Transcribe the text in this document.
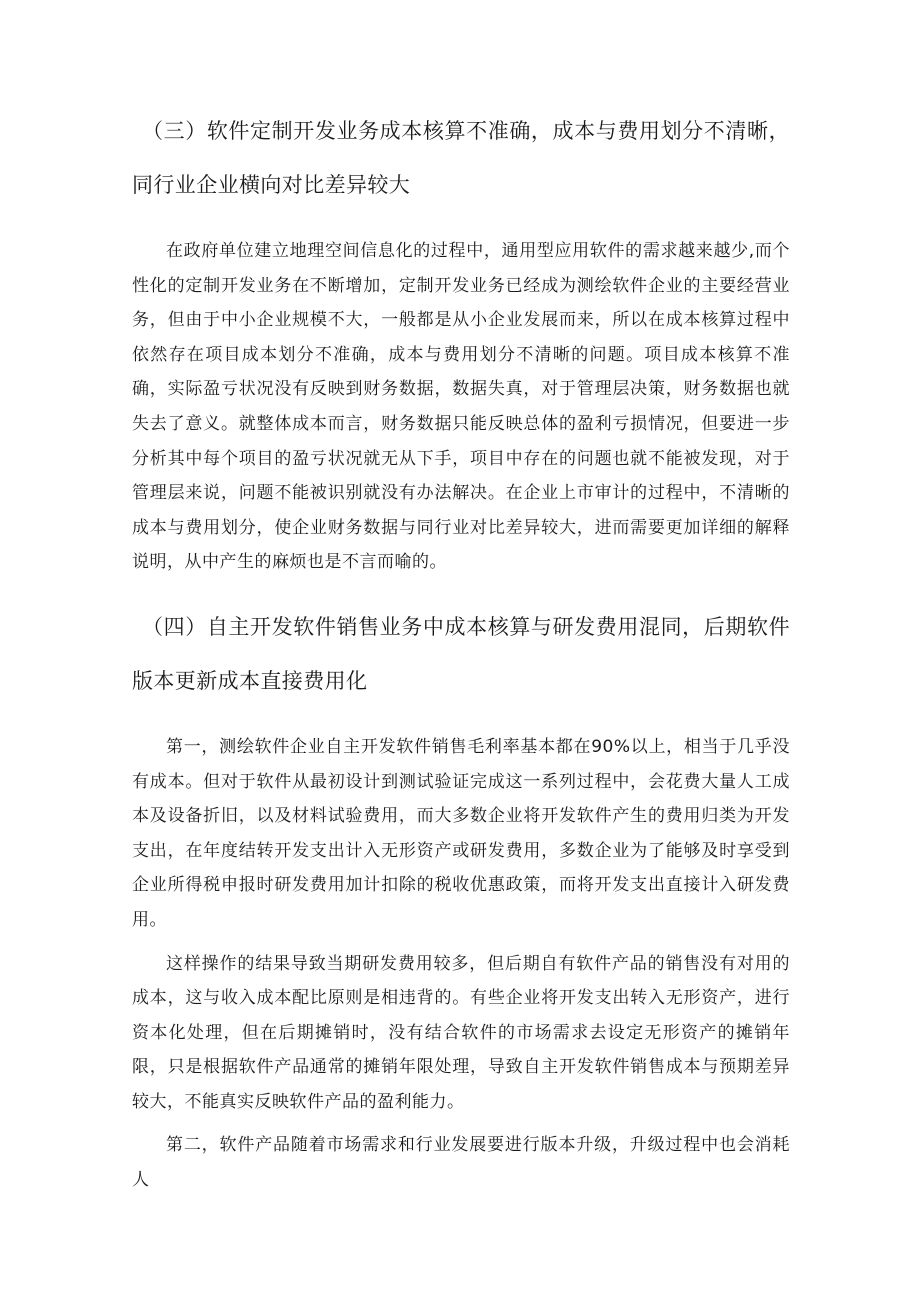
（三）软件定制开发业务成本核算不准确，成本与费用划分不清晰，同行业企业横向对比差异较大

在政府单位建立地理空间信息化的过程中，通用型应用软件的需求越来越少,而个性化的定制开发业务在不断增加，定制开发业务已经成为测绘软件企业的主要经营业务，但由于中小企业规模不大，一般都是从小企业发展而来，所以在成本核算过程中依然存在项目成本划分不准确，成本与费用划分不清晰的问题。项目成本核算不准确，实际盈亏状况没有反映到财务数据，数据失真，对于管理层决策，财务数据也就失去了意义。就整体成本而言，财务数据只能反映总体的盈利亏损情况，但要进一步分析其中每个项目的盈亏状况就无从下手，项目中存在的问题也就不能被发现，对于管理层来说，问题不能被识别就没有办法解决。在企业上市审计的过程中，不清晰的成本与费用划分，使企业财务数据与同行业对比差异较大，进而需要更加详细的解释说明，从中产生的麻烦也是不言而喻的。

（四）自主开发软件销售业务中成本核算与研发费用混同，后期软件版本更新成本直接费用化

第一，测绘软件企业自主开发软件销售毛利率基本都在90%以上，相当于几乎没有成本。但对于软件从最初设计到测试验证完成这一系列过程中，会花费大量人工成本及设备折旧，以及材料试验费用，而大多数企业将开发软件产生的费用归类为开发支出，在年度结转开发支出计入无形资产或研发费用，多数企业为了能够及时享受到企业所得税申报时研发费用加计扣除的税收优惠政策，而将开发支出直接计入研发费用。

这样操作的结果导致当期研发费用较多，但后期自有软件产品的销售没有对用的成本，这与收入成本配比原则是相违背的。有些企业将开发支出转入无形资产，进行资本化处理，但在后期摊销时，没有结合软件的市场需求去设定无形资产的摊销年限，只是根据软件产品通常的摊销年限处理，导致自主开发软件销售成本与预期差异较大，不能真实反映软件产品的盈利能力。

第二，软件产品随着市场需求和行业发展要进行版本升级，升级过程中也会消耗人
